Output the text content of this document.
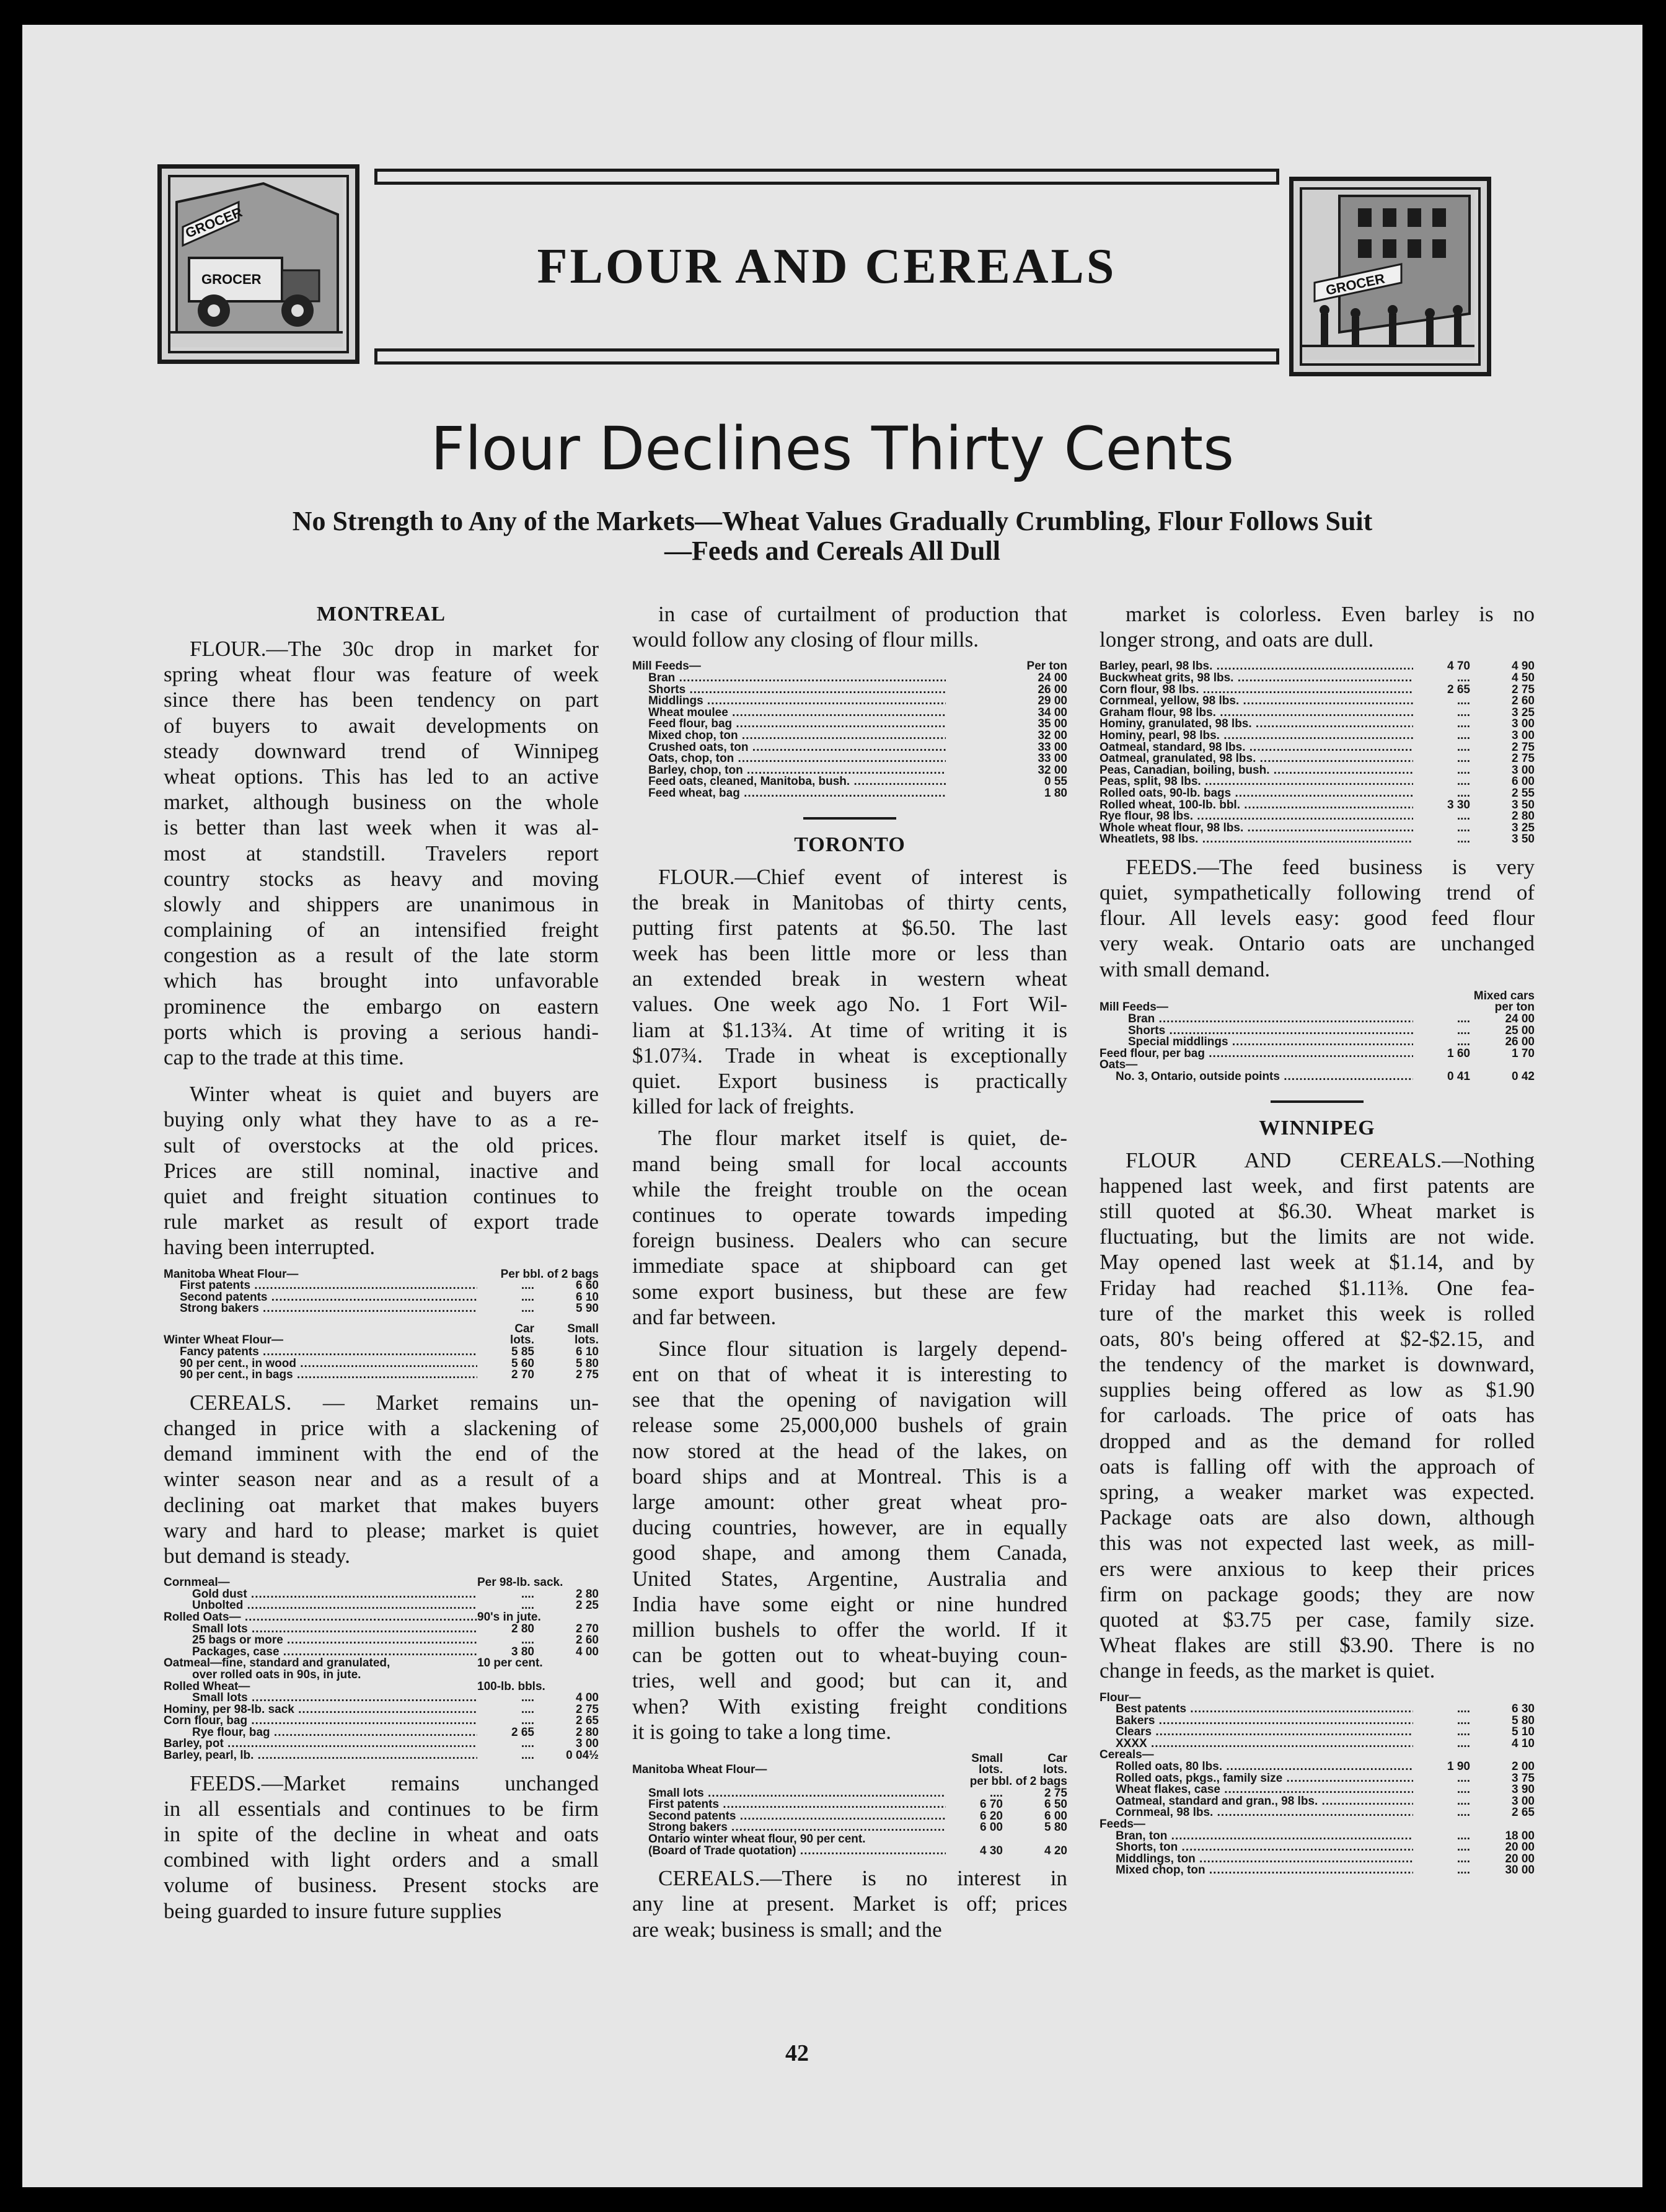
GROCER
GROCER	GROCER
FLOUR AND CEREALS
Flour Declines Thirty Cents
No Strength to Any of the Markets—Wheat Values Gradually Crumbling, Flour Follows Suit
—Feeds and Cereals All Dull
MONTREAL
FLOUR.—The 30c drop in market for
spring wheat flour was feature of week
since there has been tendency on part
of buyers to await developments on
steady downward trend of Winnipeg
wheat options. This has led to an active
market, although business on the whole
is better than last week when it was al-
most at standstill. Travelers report
country stocks as heavy and moving
slowly and shippers are unanimous in
complaining of an intensified freight
congestion as a result of the late storm
which has brought into unfavorable
prominence the embargo on eastern
ports which is proving a serious handi-
cap to the trade at this time.
Winter wheat is quiet and buyers are
buying only what they have to as a re-
sult of overstocks at the old prices.
Prices are still nominal, inactive and
quiet and freight situation continues to
rule market as result of export trade
having been interrupted.
Manitoba Wheat Flour—	Per bbl. of 2 bags
First patents .....	....	6 60
Second patents .....	....	6 10
Strong bakers .....	....	5 90
Car	Small
Winter Wheat Flour—	lots.	lots.
Fancy patents .....	5 85	6 10
90 per cent., in wood .....	5 60	5 80
90 per cent., in bags .....	2 70	2 75
CEREALS. — Market remains un-
changed in price with a slackening of
demand imminent with the end of the
winter season near and as a result of a
declining oat market that makes buyers
wary and hard to please; market is quiet
but demand is steady.
Cornmeal—	Per 98-lb. sack.
Gold dust .....	....	2 80
Unbolted .....	....	2 25
Rolled Oats— .....	90's in jute.
Small lots .....	2 80	2 70
25 bags or more .....	....	2 60
Packages, case .....	3 80	4 00
Oatmeal—fine, standard and granulated,	10 per cent.
over rolled oats in 90s, in jute.
Rolled Wheat—	100-lb. bbls.
Small lots .....	....	4 00
Hominy, per 98-lb. sack .....	....	2 75
Corn flour, bag .....	....	2 65
Rye flour, bag .....	2 65	2 80
Barley, pot .....	....	3 00
Barley, pearl, lb. .....	....	0 04½
FEEDS.—Market remains unchanged
in all essentials and continues to be firm
in spite of the decline in wheat and oats
combined with light orders and a small
volume of business. Present stocks are
being guarded to insure future supplies
in case of curtailment of production that
would follow any closing of flour mills.
Mill Feeds—	Per ton
Bran .....	24 00
Shorts .....	26 00
Middlings .....	29 00
Wheat moulee .....	34 00
Feed flour, bag .....	35 00
Mixed chop, ton .....	32 00
Crushed oats, ton .....	33 00
Oats, chop, ton .....	33 00
Barley, chop, ton .....	32 00
Feed oats, cleaned, Manitoba, bush. .....	0 55
Feed wheat, bag .....	1 80
TORONTO
FLOUR.—Chief event of interest is
the break in Manitobas of thirty cents,
putting first patents at $6.50. The last
week has been little more or less than
an extended break in western wheat
values. One week ago No. 1 Fort Wil-
liam at $1.13¾. At time of writing it is
$1.07¾. Trade in wheat is exceptionally
quiet. Export business is practically
killed for lack of freights.
The flour market itself is quiet, de-
mand being small for local accounts
while the freight trouble on the ocean
continues to operate towards impeding
foreign business. Dealers who can secure
immediate space at shipboard can get
some export business, but these are few
and far between.
Since flour situation is largely depend-
ent on that of wheat it is interesting to
see that the opening of navigation will
release some 25,000,000 bushels of grain
now stored at the head of the lakes, on
board ships and at Montreal. This is a
large amount: other great wheat pro-
ducing countries, however, are in equally
good shape, and among them Canada,
United States, Argentine, Australia and
India have some eight or nine hundred
million bushels to offer the world. If it
can be gotten out to wheat-buying coun-
tries, well and good; but can it, and
when? With existing freight conditions
it is going to take a long time.
Small	Car
Manitoba Wheat Flour—	lots.	lots.
per bbl. of 2 bags
Small lots .....	....	2 75
First patents .....	6 70	6 50
Second patents .....	6 20	6 00
Strong bakers .....	6 00	5 80
Ontario winter wheat flour, 90 per cent.
(Board of Trade quotation) .....	4 30	4 20
CEREALS.—There is no interest in
any line at present. Market is off; prices
are weak; business is small; and the
market is colorless. Even barley is no
longer strong, and oats are dull.
Barley, pearl, 98 lbs. .....	4 70	4 90
Buckwheat grits, 98 lbs. .....	....	4 50
Corn flour, 98 lbs. .....	2 65	2 75
Cornmeal, yellow, 98 lbs. .....	....	2 60
Graham flour, 98 lbs. .....	....	3 25
Hominy, granulated, 98 lbs. .....	....	3 00
Hominy, pearl, 98 lbs. .....	....	3 00
Oatmeal, standard, 98 lbs. .....	....	2 75
Oatmeal, granulated, 98 lbs. .....	....	2 75
Peas, Canadian, boiling, bush. .....	....	3 00
Peas, split, 98 lbs. .....	....	6 00
Rolled oats, 90-lb. bags .....	....	2 55
Rolled wheat, 100-lb. bbl. .....	3 30	3 50
Rye flour, 98 lbs. .....	....	2 80
Whole wheat flour, 98 lbs. .....	....	3 25
Wheatlets, 98 lbs. .....	....	3 50
FEEDS.—The feed business is very
quiet, sympathetically following trend of
flour. All levels easy: good feed flour
very weak. Ontario oats are unchanged
with small demand.
Mixed cars
Mill Feeds—	per ton
Bran .....	....	24 00
Shorts .....	....	25 00
Special middlings .....	....	26 00
Feed flour, per bag .....	1 60	1 70
Oats—
No. 3, Ontario, outside points .....	0 41	0 42
WINNIPEG
FLOUR AND CEREALS.—Nothing
happened last week, and first patents are
still quoted at $6.30. Wheat market is
fluctuating, but the limits are not wide.
May opened last week at $1.14, and by
Friday had reached $1.11⅜. One fea-
ture of the market this week is rolled
oats, 80's being offered at $2-$2.15, and
the tendency of the market is downward,
supplies being offered as low as $1.90
for carloads. The price of oats has
dropped and as the demand for rolled
oats is falling off with the approach of
spring, a weaker market was expected.
Package oats are also down, although
this was not expected last week, as mill-
ers were anxious to keep their prices
firm on package goods; they are now
quoted at $3.75 per case, family size.
Wheat flakes are still $3.90. There is no
change in feeds, as the market is quiet.
Flour—
Best patents .....	....	6 30
Bakers .....	....	5 80
Clears .....	....	5 10
XXXX .....	....	4 10
Cereals—
Rolled oats, 80 lbs. .....	1 90	2 00
Rolled oats, pkgs., family size .....	....	3 75
Wheat flakes, case .....	....	3 90
Oatmeal, standard and gran., 98 lbs. .....	....	3 00
Cornmeal, 98 lbs. .....	....	2 65
Feeds—
Bran, ton .....	....	18 00
Shorts, ton .....	....	20 00
Middlings, ton .....	....	20 00
Mixed chop, ton .....	....	30 00
42
